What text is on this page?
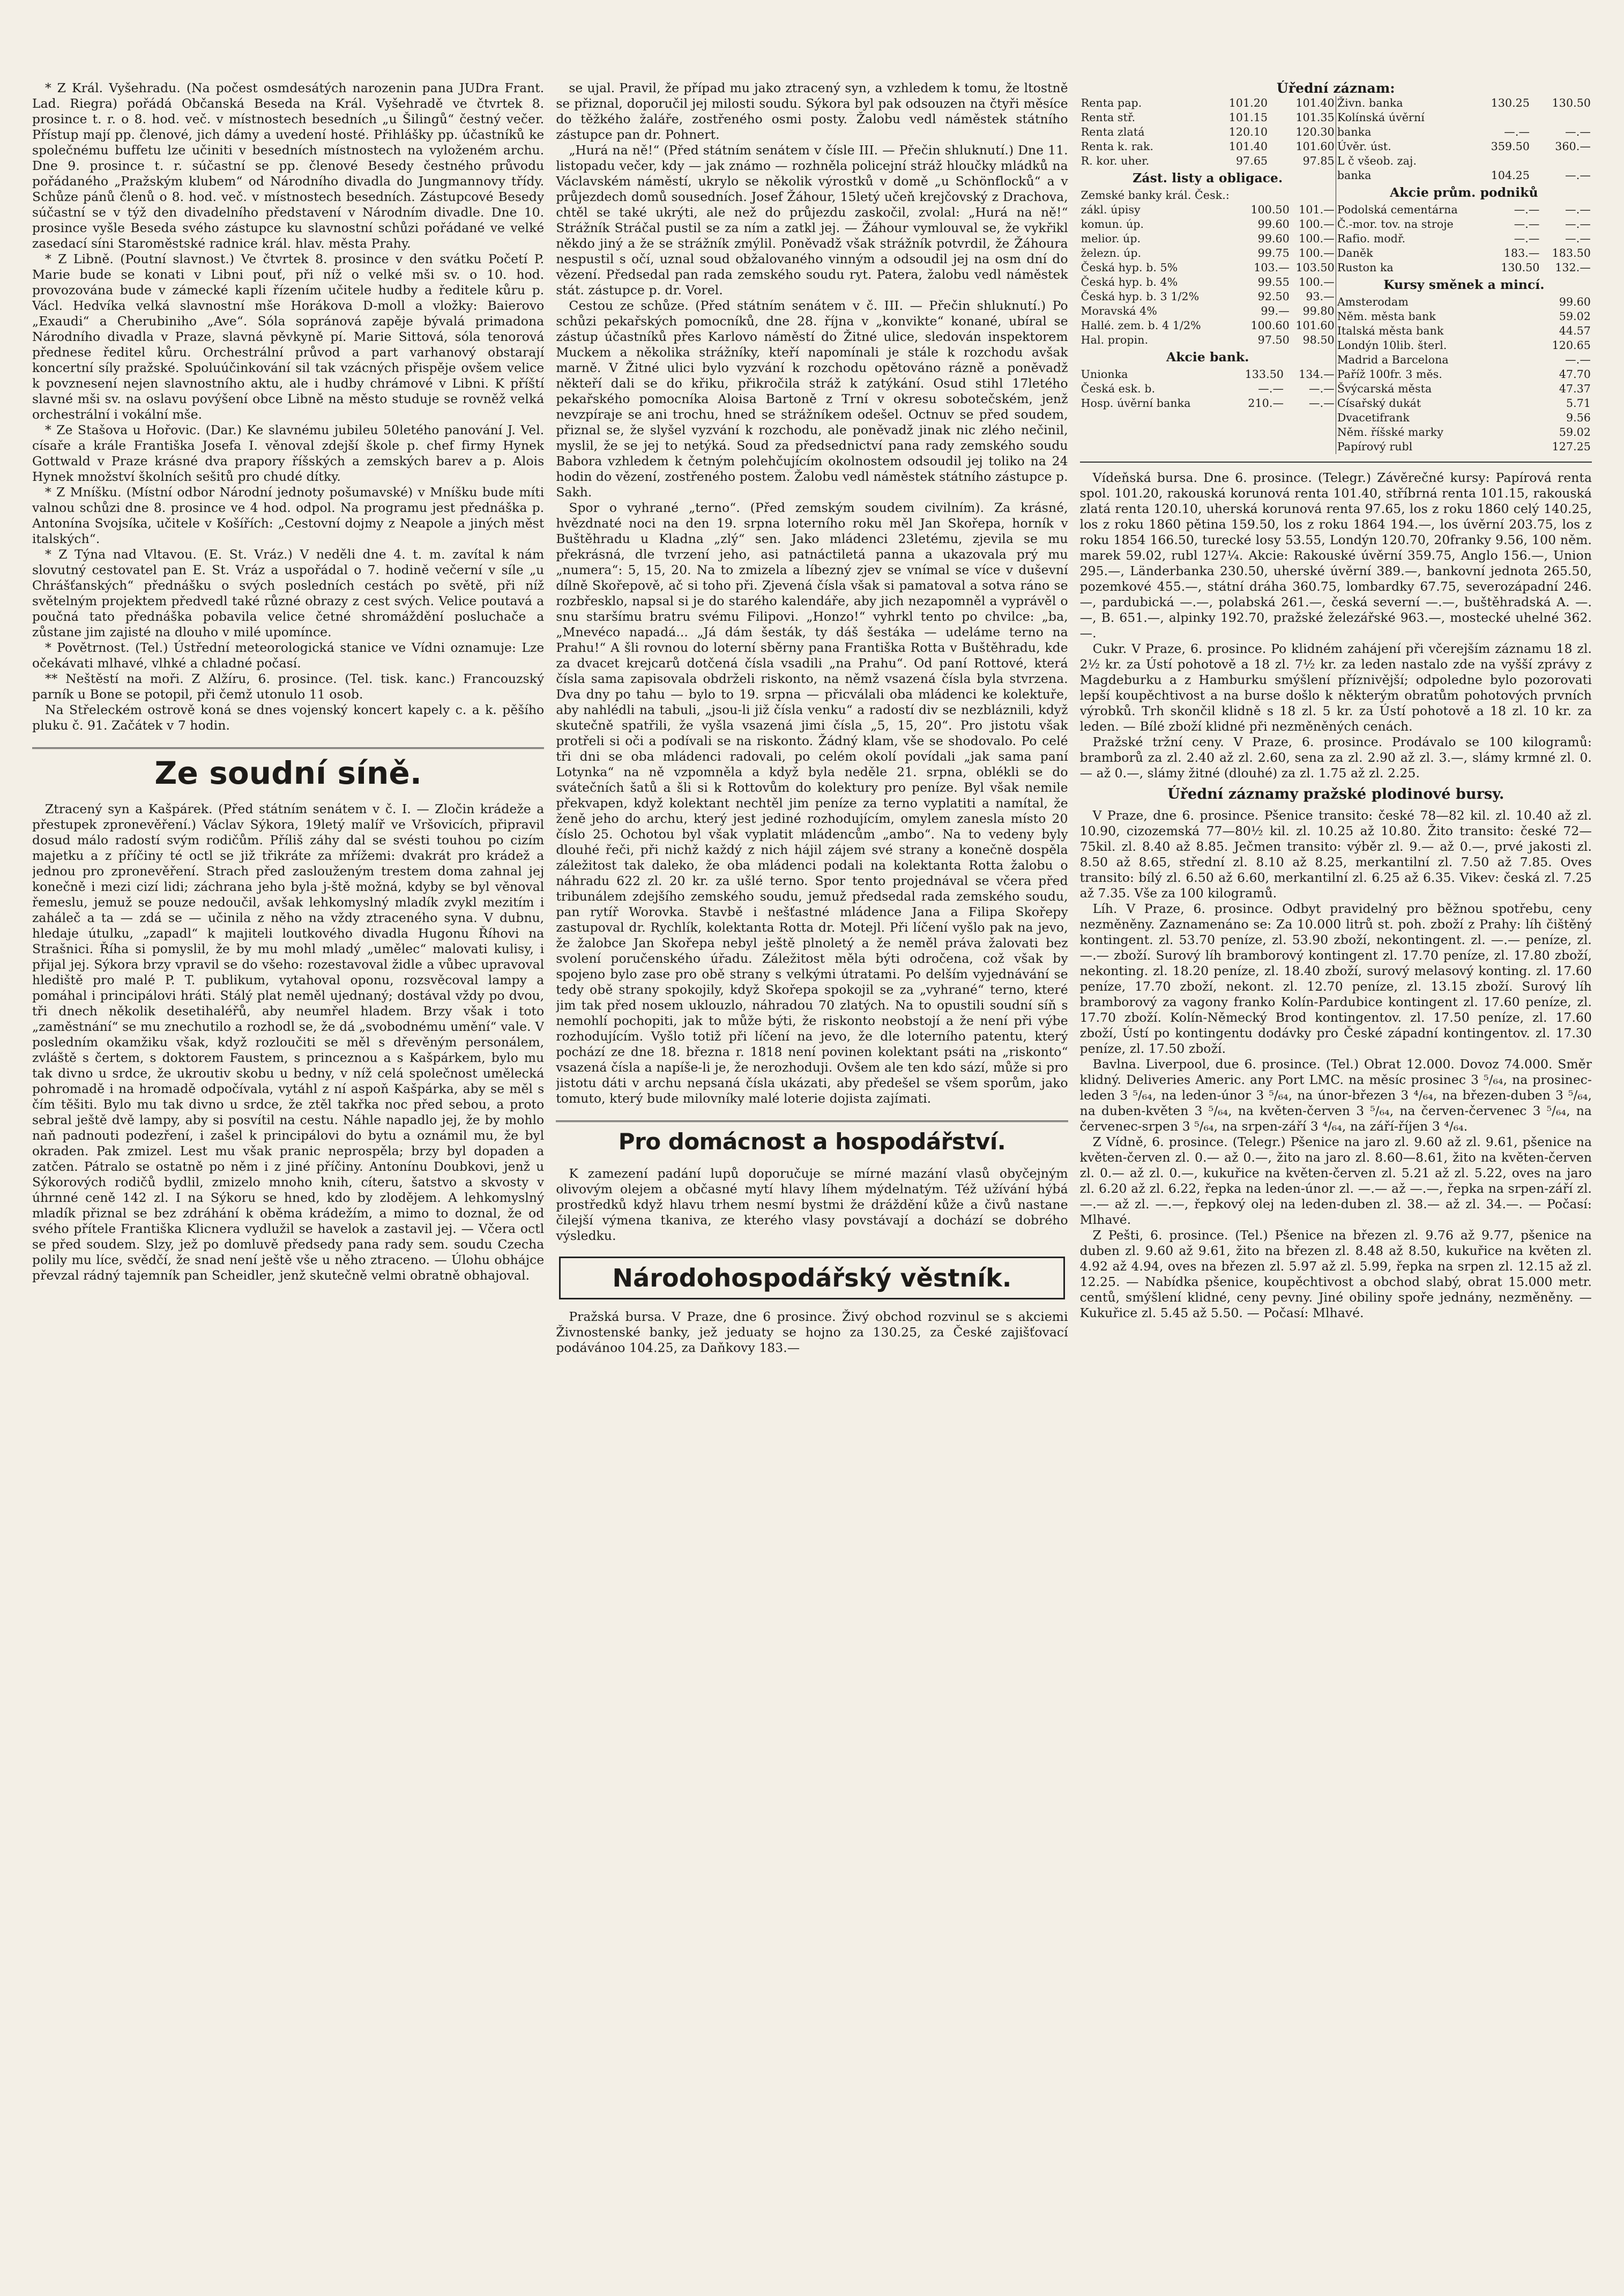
* Z Král. Vyšehradu. (Na počest osmdesátých narozenin pana JUDra Frant. Lad. Riegra) pořádá Občanská Beseda na Král. Vyšehradě ve čtvrtek 8. prosince t. r. o 8. hod. več. v místnostech besedních „u Šilingů“ čestný večer. Přístup mají pp. členové, jich dámy a uvedení hosté. Přihlášky pp. účastníků ke společnému buffetu lze učiniti v besedních místnostech na vyloženém archu. Dne 9. prosince t. r. súčastní se pp. členové Besedy čestného průvodu pořádaného „Pražským klubem“ od Národního divadla do Jungmannovy třídy. Schůze pánů členů o 8. hod. več. v místnostech besedních. Zástupcové Besedy súčastní se v týž den divadelního představení v Národním divadle. Dne 10. prosince vyšle Beseda svého zástupce ku slavnostní schůzi pořádané ve velké zasedací síni Staroměstské radnice král. hlav. města Prahy.

* Z Libně. (Poutní slavnost.) Ve čtvrtek 8. prosince v den svátku Početí P. Marie bude se konati v Libni pouť, při níž o velké mši sv. o 10. hod. provozována bude v zámecké kapli řízením učitele hudby a ředitele kůru p. Václ. Hedvíka velká slavnostní mše Horákova D-moll a vložky: Baierovo „Exaudi“ a Cherubiniho „Ave“. Sóla sopránová zapěje bývalá primadona Národního divadla v Praze, slavná pěvkyně pí. Marie Sittová, sóla tenorová přednese ředitel kůru. Orchestrální průvod a part varhanový obstarají koncertní síly pražské. Spoluúčinkování sil tak vzácných přispěje ovšem velice k povznesení nejen slavnostního aktu, ale i hudby chrámové v Libni. K příští slavné mši sv. na oslavu povýšení obce Libně na město studuje se rovněž velká orchestrální i vokální mše.

* Ze Stašova u Hořovic. (Dar.) Ke slavnému jubileu 50letého panování J. Vel. císaře a krále Františka Josefa I. věnoval zdejší škole p. chef firmy Hynek Gottwald v Praze krásné dva prapory říšských a zemských barev a p. Alois Hynek množství školních sešitů pro chudé dítky.

* Z Mníšku. (Místní odbor Národní jednoty pošumavské) v Mníšku bude míti valnou schůzi dne 8. prosince ve 4 hod. odpol. Na programu jest přednáška p. Antonína Svojsíka, učitele v Košířích: „Cestovní dojmy z Neapole a jiných měst italských“.

* Z Týna nad Vltavou. (E. St. Vráz.) V neděli dne 4. t. m. zavítal k nám slovutný cestovatel pan E. St. Vráz a uspořádal o 7. hodině večerní v síle „u Chrášťanských“ přednášku o svých posledních cestách po světě, při níž světelným projektem předvedl také různé obrazy z cest svých. Velice poutavá a poučná tato přednáška pobavila velice četné shromáždění posluchače a zůstane jim zajisté na dlouho v milé upomínce.

* Povětrnost. (Tel.) Ústřední meteorologická stanice ve Vídni oznamuje: Lze očekávati mlhavé, vlhké a chladné počasí.

** Neštěstí na moři. Z Alžíru, 6. prosince. (Tel. tisk. kanc.) Francouzský parník u Bone se potopil, při čemž utonulo 11 osob.

Na Střeleckém ostrově koná se dnes vojenský koncert kapely c. a k. pěšího pluku č. 91. Začátek v 7 hodin.

Ze soudní síně.

Ztracený syn a Kašpárek. (Před státním senátem v č. I. — Zločin krádeže a přestupek zpronevěření.) Václav Sýkora, 19letý malíř ve Vršovicích, připravil dosud málo radostí svým rodičům. Příliš záhy dal se svésti touhou po cizím majetku a z příčiny té octl se již třikráte za mřížemi: dvakrát pro krádež a jednou pro zpronevěření. Strach před zaslouženým trestem doma zahnal jej konečně i mezi cizí lidi; záchrana jeho byla j-ště možná, kdyby se byl věnoval řemeslu, jemuž se pouze nedoučil, avšak lehkomyslný mladík zvykl mezitím i zaháleč a ta — zdá se — učinila z něho na vždy ztraceného syna. V dubnu, hledaje útulku, „zapadl“ k majiteli loutkového divadla Hugonu Říhovi na Strašnici. Říha si pomyslil, že by mu mohl mladý „umělec“ malovati kulisy, i přijal jej. Sýkora brzy vpravil se do všeho: rozestavoval židle a vůbec upravoval hlediště pro malé P. T. publikum, vytahoval oponu, rozsvěcoval lampy a pomáhal i principálovi hráti. Stálý plat neměl ujednaný; dostával vždy po dvou, tři dnech několik desetihaléřů, aby neumřel hladem. Brzy však i toto „zaměstnání“ se mu znechutilo a rozhodl se, že dá „svobodnému umění“ vale. V posledním okamžiku však, když rozloučiti se měl s dřevěným personálem, zvláště s čertem, s doktorem Faustem, s princeznou a s Kašpárkem, bylo mu tak divno u srdce, že ukroutiv skobu u bedny, v níž celá společnost umělecká pohromadě i na hromadě odpočívala, vytáhl z ní aspoň Kašpárka, aby se měl s čím těšiti. Bylo mu tak divno u srdce, že ztěl takřka noc před sebou, a proto sebral ještě dvě lampy, aby si posvítil na cestu. Náhle napadlo jej, že by mohlo naň padnouti podezření, i zašel k principálovi do bytu a oznámil mu, že byl okraden. Pak zmizel. Lest mu však pranic neprospěla; brzy byl dopaden a zatčen. Pátralo se ostatně po něm i z jiné příčiny. Antonínu Doubkovi, jenž u Sýkorových rodičů bydlil, zmizelo mnoho knih, cíteru, šatstvo a skvosty v úhrnné ceně 142 zl. I na Sýkoru se hned, kdo by zlodějem. A lehkomyslný mladík přiznal se bez zdráhání k oběma krádežím, a mimo to doznal, že od svého přítele Františka Klicnera vydlužil se havelok a zastavil jej. — Včera octl se před soudem. Slzy, jež po domluvě předsedy pana rady sem. soudu Czecha polily mu líce, svědčí, že snad není ještě vše u něho ztraceno. — Úlohu obhájce převzal rádný tajemník pan Scheidler, jenž skutečně velmi obratně obhajoval.

se ujal. Pravil, že případ mu jako ztracený syn, a vzhledem k tomu, že ltostně se přiznal, doporučil jej milosti soudu. Sýkora byl pak odsouzen na čtyři měsíce do těžkého žaláře, zostřeného osmi posty. Žalobu vedl náměstek státního zástupce pan dr. Pohnert.

„Hurá na ně!“ (Před státním senátem v čísle III. — Přečin shluknutí.) Dne 11. listopadu večer, kdy — jak známo — rozhněla policejní stráž hloučky mládků na Václavském náměstí, ukrylo se několik výrostků v domě „u Schönflocků“ a v průjezdech domů sousedních. Josef Žáhour, 15letý učeň krejčovský z Drachova, chtěl se také ukrýti, ale než do průjezdu zaskočil, zvolal: „Hurá na ně!“ Strážník Stráčal pustil se za ním a zatkl jej. — Žáhour vymlouval se, že vykřikl někdo jiný a že se strážník zmýlil. Poněvadž však strážník potvrdil, že Žáhoura nespustil s očí, uznal soud obžalovaného vinným a odsoudil jej na osm dní do vězení. Předsedal pan rada zemského soudu ryt. Patera, žalobu vedl náměstek stát. zástupce p. dr. Vorel.

Cestou ze schůze. (Před státním senátem v č. III. — Přečin shluknutí.) Po schůzi pekařských pomocníků, dne 28. října v „konvikte“ konané, ubíral se zástup účastníků přes Karlovo náměstí do Žitné ulice, sledován inspektorem Muckem a několika strážníky, kteří napomínali je stále k rozchodu avšak marně. V Žitné ulici bylo vyzvání k rozchodu opětováno rázně a poněvadž někteří dali se do křiku, přikročila stráž k zatýkání. Osud stihl 17letého pekařského pomocníka Aloisa Bartoně z Trní v okresu sobotečském, jenž nevzpíraje se ani trochu, hned se strážníkem odešel. Octnuv se před soudem, přiznal se, že slyšel vyzvání k rozchodu, ale poněvadž jinak nic zlého nečinil, myslil, že se jej to netýká. Soud za předsednictví pana rady zemského soudu Babora vzhledem k četným polehčujícím okolnostem odsoudil jej toliko na 24 hodin do vězení, zostřeného postem. Žalobu vedl náměstek státního zástupce p. Sakh.

Spor o vyhrané „terno“. (Před zemským soudem civilním). Za krásné, hvězdnaté noci na den 19. srpna loterního roku měl Jan Skořepa, horník v Buštěhradu u Kladna „zlý“ sen. Jako mládenci 23letému, zjevila se mu překrásná, dle tvrzení jeho, asi patnáctiletá panna a ukazovala prý mu „numera“: 5, 15, 20. Na to zmizela a líbezný zjev se vnímal se více v duševní dílně Skořepově, ač si toho při. Zjevená čísla však si pamatoval a sotva ráno se rozbřesklo, napsal si je do starého kalendáře, aby jich nezapomněl a vyprávěl o snu staršímu bratru svému Filipovi. „Honzo!“ vyhrkl tento po chvilce: „ba, „Mnevéco napadá... „Já dám šesták, ty dáš šestáka — udeláme terno na Prahu!“ A šli rovnou do loterní sběrny pana Františka Rotta v Buštěhradu, kde za dvacet krejcarů dotčená čísla vsadili „na Prahu“. Od paní Rottové, která čísla sama zapisovala obdrželi riskonto, na němž vsazená čísla byla stvrzena. Dva dny po tahu — bylo to 19. srpna — přicválali oba mládenci ke kolektuře, aby nahlédli na tabuli, „jsou-li již čísla venku“ a radostí div se nezbláznili, když skutečně spatřili, že vyšla vsazená jimi čísla „5, 15, 20“. Pro jistotu však protřeli si oči a podívali se na riskonto. Žádný klam, vše se shodovalo. Po celé tři dni se oba mládenci radovali, po celém okolí povídali „jak sama paní Lotynka“ na ně vzpomněla a když byla neděle 21. srpna, oblékli se do svátečních šatů a šli si k Rottovům do kolektury pro peníze. Byl však nemile překvapen, když kolektant nechtěl jim peníze za terno vyplatiti a namítal, že ženě jeho do archu, který jest jediné rozhodujícím, omylem zanesla místo 20 číslo 25. Ochotou byl však vyplatit mládencům „ambo“. Na to vedeny byly dlouhé řeči, při nichž každý z nich hájil zájem své strany a konečně dospěla záležitost tak daleko, že oba mládenci podali na kolektanta Rotta žalobu o náhradu 622 zl. 20 kr. za ušlé terno. Spor tento projednával se včera před tribunálem zdejšího zemského soudu, jemuž předsedal rada zemského soudu, pan rytíř Worovka. Stavbě i nešťastné mládence Jana a Filipa Skořepy zastupoval dr. Rychlík, kolektanta Rotta dr. Motejl. Při líčení vyšlo pak na jevo, že žalobce Jan Skořepa nebyl ještě plnoletý a že neměl práva žalovati bez svolení poručenského úřadu. Záležitost měla býti odročena, což však by spojeno bylo zase pro obě strany s velkými útratami. Po delším vyjednávání se tedy obě strany spokojily, když Skořepa spokojil se za „vyhrané“ terno, které jim tak před nosem uklouzlo, náhradou 70 zlatých. Na to opustili soudní síň s nemohlí pochopiti, jak to může býti, že riskonto neobstojí a že není při výbe rozhodujícím. Vyšlo totiž při líčení na jevo, že dle loterního patentu, který pochází ze dne 18. března r. 1818 není povinen kolektant psáti na „riskonto“ vsazená čísla a napíše-li je, že nerozhoduji. Ovšem ale ten kdo sází, může si pro jistotu dáti v archu nepsaná čísla ukázati, aby předešel se všem sporům, jako tomuto, který bude milovníky malé loterie dojista zajímati.

Pro domácnost a hospodářství.

K zamezení padání lupů doporučuje se mírné mazání vlasů obyčejným olivovým olejem a občasné mytí hlavy líhem mýdelnatým. Též užívání hýbá prostředků když hlavu trhem nesmí bystmi že dráždění kůže a čivů nastane čilejší výmena tkaniva, ze kterého vlasy povstávají a dochází se dobrého výsledku.

Národohospodářský věstník.

Pražská bursa. V Praze, dne 6 prosince. Živý obchod rozvinul se s akciemi Živnostenské banky, jež jeduaty se hojno za 130.25, za České zajišťovací podávánoo 104.25, za Daňkovy 183.—

Úřední záznam:
Renta pap.	101.20	101.40
Renta stř.	101.15	101.35
Renta zlatá	120.10	120.30
Renta k. rak.	101.40	101.60
R. kor. uher.	97.65	97.85
Zást. listy a obligace.
Zemské banky král. Česk.:		
zákl. úpisy	100.50	101.—
komun. úp.	99.60	100.—
melior. úp.	99.60	100.—
železn. úp.	99.75	100.—
Česká hyp. b. 5%	103.—	103.50
Česká hyp. b. 4%	99.55	100.—
Česká hyp. b. 3 1/2%	92.50	93.—
Moravská 4%	99.—	99.80
Hallé. zem. b. 4 1/2%	100.60	101.60
Hal. propin.	97.50	98.50
Akcie bank.
Unionka	133.50	134.—
Česká esk. b.	—.—	—.—
Hosp. úvěrní banka	210.—	—.—
Živn. banka	130.25	130.50
Kolínská úvěrní		
banka	—.—	—.—
Úvěr. úst.	359.50	360.—
L č všeob. zaj.		
banka	104.25	—.—
Akcie prům. podniků
Podolská cementárna	—.—	—.—
Č.-mor. tov. na stroje	—.—	—.—
Rafio. modř.	—.—	—.—
Daněk	183.—	183.50
Ruston ka	130.50	132.—
Kursy směnek a mincí.
Amsterodam	99.60
Něm. města bank	59.02
Italská města bank	44.57
Londýn 10lib. šterl.	120.65
Madrid a Barcelona	—.—
Paříž 100fr. 3 měs.	47.70
Švýcarská města	47.37
Císařský dukát	5.71
Dvacetifrank	9.56
Něm. říšské marky	59.02
Papírový rubl	127.25

Vídeňská bursa. Dne 6. prosince. (Telegr.) Závěrečné kursy: Papírová renta spol. 101.20, rakouská korunová renta 101.40, stříbrná renta 101.15, rakouská zlatá renta 120.10, uherská korunová renta 97.65, los z roku 1860 celý 140.25, los z roku 1860 pětina 159.50, los z roku 1864 194.—, los úvěrní 203.75, los z roku 1854 166.50, turecké losy 53.55, Londýn 120.70, 20franky 9.56, 100 něm. marek 59.02, rubl 127¼. Akcie: Rakouské úvěrní 359.75, Anglo 156.—, Union 295.—, Länderbanka 230.50, uherské úvěrní 389.—, bankovní jednota 265.50, pozemkové 455.—, státní dráha 360.75, lombardky 67.75, severozápadní 246.—, pardubická —.—, polabská 261.—, česká severní —.—, buštěhradská A. —.—, B. 651.—, alpinky 192.70, pražské železářské 963.—, mostecké uhelné 362.—.

Cukr. V Praze, 6. prosince. Po klidném zahájení při včerejším záznamu 18 zl. 2½ kr. za Ústí pohotově a 18 zl. 7½ kr. za leden nastalo zde na vyšší zprávy z Magdeburku a z Hamburku smýšlení příznivější; odpoledne bylo pozorovati lepší koupěchtivost a na burse došlo k některým obratům pohotových prvních výrobků. Trh skončil klidně s 18 zl. 5 kr. za Ústí pohotově a 18 zl. 10 kr. za leden. — Bílé zboží klidné při nezměněných cenách.

Pražské tržní ceny. V Praze, 6. prosince. Prodávalo se 100 kilogramů: bramborů za zl. 2.40 až zl. 2.60, sena za zl. 2.90 až zl. 3.—, slámy krmné zl. 0.— až 0.—, slámy žitné (dlouhé) za zl. 1.75 až zl. 2.25.

Úřední záznamy pražské plodinové bursy.

V Praze, dne 6. prosince. Pšenice transito: české 78—82 kil. zl. 10.40 až zl. 10.90, cizozemská 77—80½ kil. zl. 10.25 až 10.80. Žito transito: české 72—75kil. zl. 8.40 až 8.85. Ječmen transito: výběr zl. 9.— až 0.—, prvé jakosti zl. 8.50 až 8.65, střední zl. 8.10 až 8.25, merkantilní zl. 7.50 až 7.85. Oves transito: bílý zl. 6.50 až 6.60, merkantilní zl. 6.25 až 6.35. Vikev: česká zl. 7.25 až 7.35. Vše za 100 kilogramů.

Líh. V Praze, 6. prosince. Odbyt pravidelný pro běžnou spotřebu, ceny nezměněny. Zaznamenáno se: Za 10.000 litrů st. poh. zboží z Prahy: líh čištěný kontingent. zl. 53.70 peníze, zl. 53.90 zboží, nekontingent. zl. —.— peníze, zl. —.— zboží. Surový líh bramborový kontingent zl. 17.70 peníze, zl. 17.80 zboží, nekonting. zl. 18.20 peníze, zl. 18.40 zboží, surový melasový konting. zl. 17.60 peníze, 17.70 zboží, nekont. zl. 12.70 peníze, zl. 13.15 zboží. Surový líh bramborový za vagony franko Kolín-Pardubice kontingent zl. 17.60 peníze, zl. 17.70 zboží. Kolín-Německý Brod kontingentov. zl. 17.50 peníze, zl. 17.60 zboží, Ústí po kontingentu dodávky pro České západní kontingentov. zl. 17.30 peníze, zl. 17.50 zboží.

Bavlna. Liverpool, due 6. prosince. (Tel.) Obrat 12.000. Dovoz 74.000. Směr klidný. Deliveries Americ. any Port LMC. na měsíc prosinec 3 ⁵/₆₄, na prosinec-leden 3 ⁵/₆₄, na leden-únor 3 ⁵/₆₄, na únor-březen 3 ⁴/₆₄, na březen-duben 3 ⁵/₆₄, na duben-květen 3 ⁵/₆₄, na květen-červen 3 ⁵/₆₄, na červen-červenec 3 ⁵/₆₄, na červenec-srpen 3 ⁵/₆₄, na srpen-září 3 ⁴/₆₄, na září-říjen 3 ⁴/₆₄.

Z Vídně, 6. prosince. (Telegr.) Pšenice na jaro zl. 9.60 až zl. 9.61, pšenice na květen-červen zl. 0.— až 0.—, žito na jaro zl. 8.60—8.61, žito na květen-červen zl. 0.— až zl. 0.—, kukuřice na květen-červen zl. 5.21 až zl. 5.22, oves na jaro zl. 6.20 až zl. 6.22, řepka na leden-únor zl. —.— až —.—, řepka na srpen-září zl. —.— až zl. —.—, řepkový olej na leden-duben zl. 38.— až zl. 34.—. — Počasí: Mlhavé.

Z Pešti, 6. prosince. (Tel.) Pšenice na březen zl. 9.76 až 9.77, pšenice na duben zl. 9.60 až 9.61, žito na březen zl. 8.48 až 8.50, kukuřice na květen zl. 4.92 až 4.94, oves na březen zl. 5.97 až zl. 5.99, řepka na srpen zl. 12.15 až zl. 12.25. — Nabídka pšenice, koupěchtivost a obchod slabý, obrat 15.000 metr. centů, smýšlení klidné, ceny pevny. Jiné obiliny spoře jednány, nezměněny. — Kukuřice zl. 5.45 až 5.50. — Počasí: Mlhavé.
